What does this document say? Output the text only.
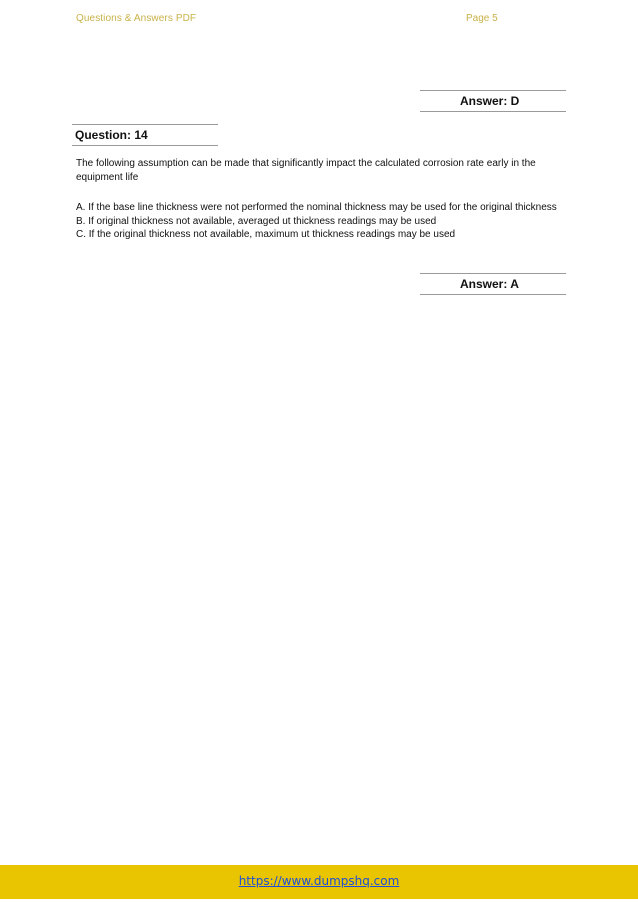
Questions & Answers PDF	Page 5
Answer: D
Question: 14
The following assumption can be made that significantly impact the calculated corrosion rate early in the equipment life
A. If the base line thickness were not performed the nominal thickness may be used for the original thickness
B. If original thickness not available, averaged ut thickness readings may be used
C. If the original thickness not available, maximum ut thickness readings may be used
Answer: A
https://www.dumpshq.com
